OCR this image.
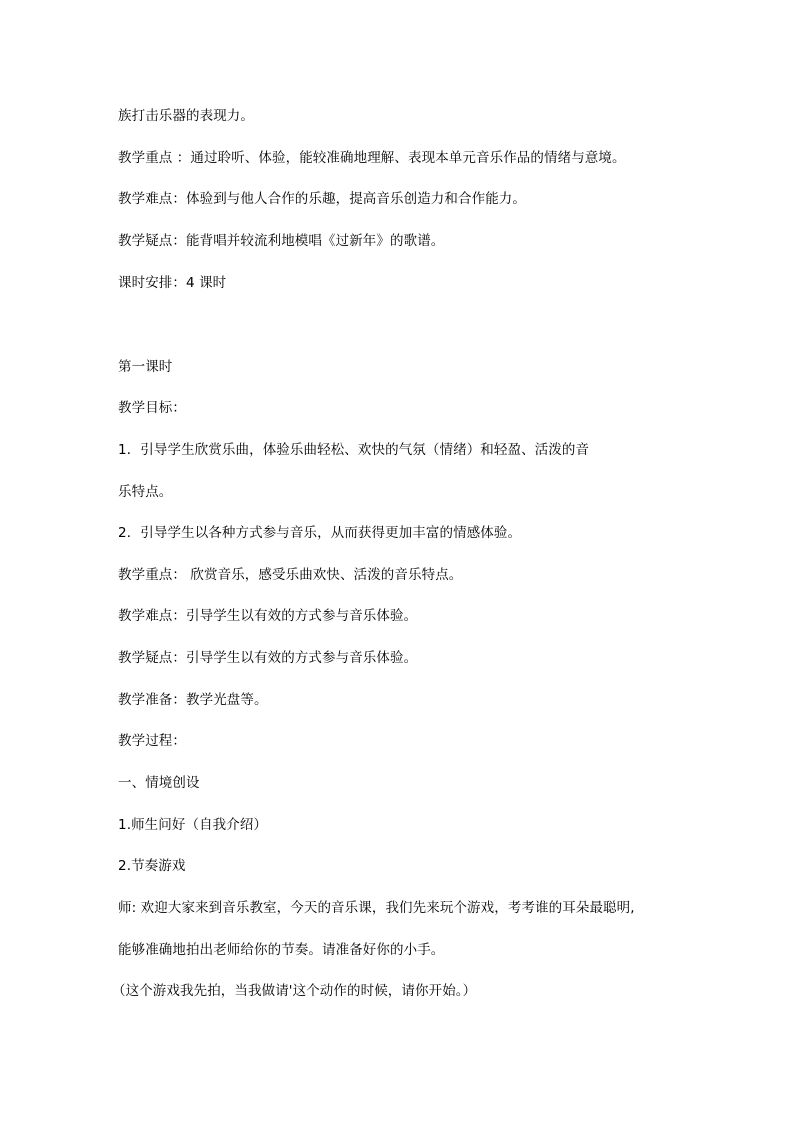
族打击乐器的表现力。
教学重点 ：通过聆听、体验，能较准确地理解、表现本单元音乐作品的情绪与意境。
教学难点：体验到与他人合作的乐趣，提高音乐创造力和合作能力。
教学疑点：能背唱并较流利地模唱《过新年》的歌谱。
课时安排：4 课时
第一课时
教学目标：
1．引导学生欣赏乐曲，体验乐曲轻松、欢快的气氛（情绪）和轻盈、活泼的音
乐特点。
2．引导学生以各种方式参与音乐，从而获得更加丰富的情感体验。
教学重点： 欣赏音乐，感受乐曲欢快、活泼的音乐特点。
教学难点：引导学生以有效的方式参与音乐体验。
教学疑点：引导学生以有效的方式参与音乐体验。
教学准备：教学光盘等。
教学过程：
一、情境创设
1.师生问好（自我介绍）
2.节奏游戏
师: 欢迎大家来到音乐教室，今天的音乐课，我们先来玩个游戏，考考谁的耳朵最聪明,
能够准确地拍出老师给你的节奏。请准备好你的小手。
（这个游戏我先拍，当我做请'这个动作的时候，请你开始。）
